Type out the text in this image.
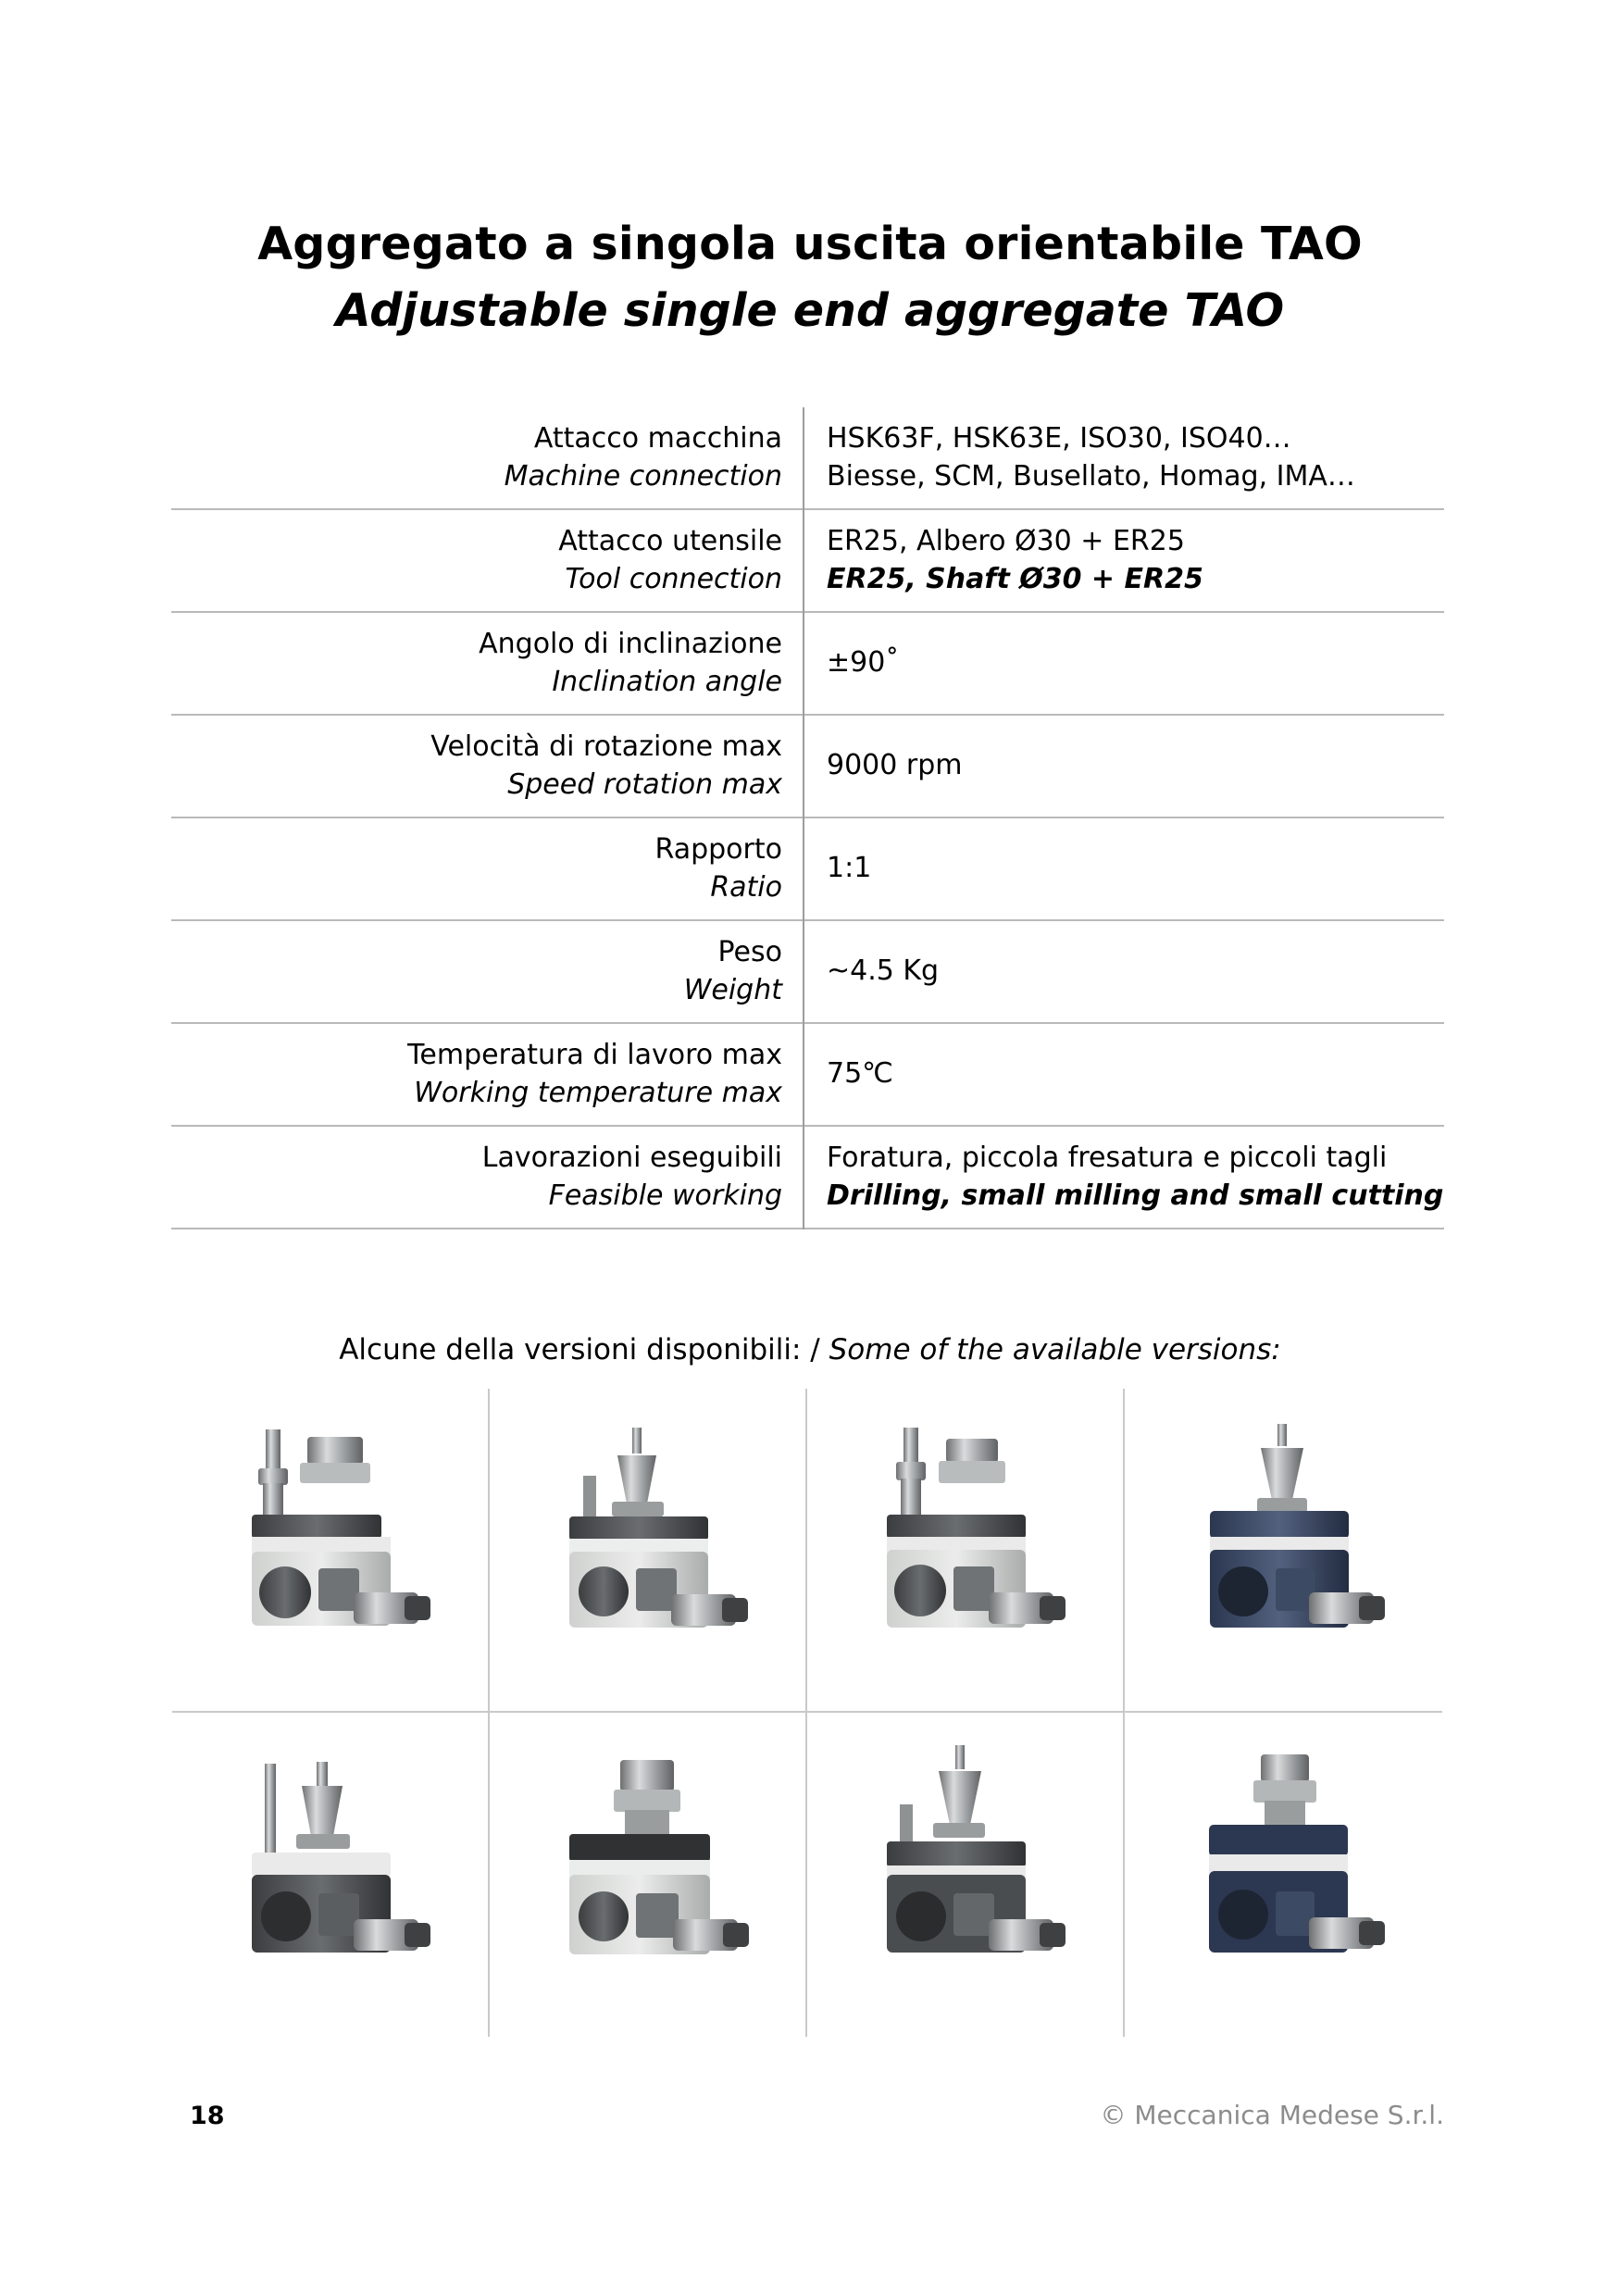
Aggregato a singola uscita orientabile TAO
Adjustable single end aggregate TAO
Attacco macchina
Machine connection

HSK63F, HSK63E, ISO30, ISO40…
Biesse, SCM, Busellato, Homag, IMA…

Attacco utensile
Tool connection

ER25, Albero Ø30 + ER25
ER25, Shaft Ø30 + ER25

Angolo di inclinazione
Inclination angle	±90˚

Velocità di rotazione max
Speed rotation max	9000 rpm

Rapporto
Ratio	1:1

Peso
Weight	~4.5 Kg

Temperatura di lavoro max
Working temperature max	75℃

Lavorazioni eseguibili
Feasible working

Foratura, piccola fresatura e piccoli tagli
Drilling, small milling and small cutting
Alcune della versioni disponibili: / Some of the available versions:
18	© Meccanica Medese S.r.l.
